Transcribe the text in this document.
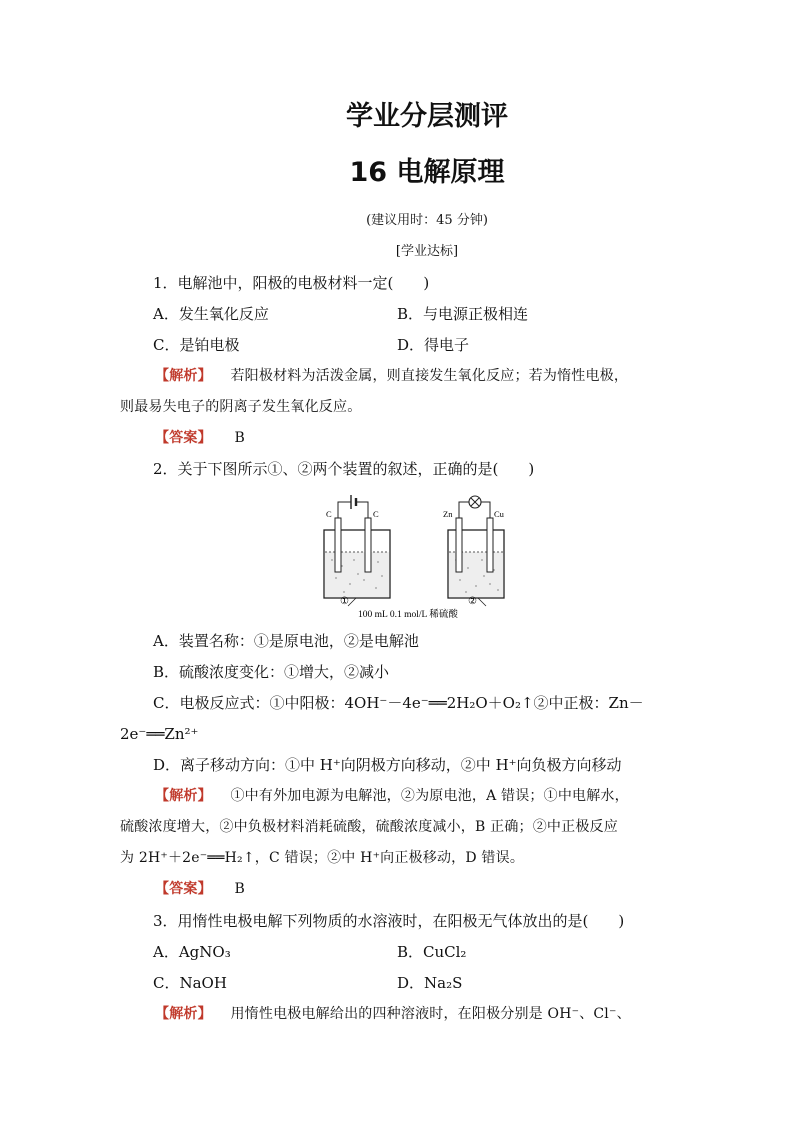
学业分层测评
16 电解原理
(建议用时：45 分钟)
[学业达标]
1．电解池中，阳极的电极材料一定(　　)
A．发生氧化反应	B．与电源正极相连
C．是铂电极	D．得电子
【解析】 若阳极材料为活泼金属，则直接发生氧化反应；若为惰性电极，
则最易失电子的阴离子发生氧化反应。
【答案】 B
2．关于下图所示①、②两个装置的叙述，正确的是(　　)
C	C
①
Zn	Cu
②
100 mL 0.1 mol/L 稀硫酸
A．装置名称：①是原电池，②是电解池
B．硫酸浓度变化：①增大，②减小
C．电极反应式：①中阳极：4OH⁻－4e⁻══2H₂O＋O₂↑②中正极：Zn－
2e⁻══Zn²⁺
D．离子移动方向：①中 H⁺向阴极方向移动，②中 H⁺向负极方向移动
【解析】 ①中有外加电源为电解池，②为原电池，A 错误；①中电解水，
硫酸浓度增大，②中负极材料消耗硫酸，硫酸浓度减小，B 正确；②中正极反应
为 2H⁺＋2e⁻══H₂↑，C 错误；②中 H⁺向正极移动，D 错误。
【答案】 B
3．用惰性电极电解下列物质的水溶液时，在阳极无气体放出的是(　　)
A．AgNO₃	B．CuCl₂
C．NaOH	D．Na₂S
【解析】 用惰性电极电解给出的四种溶液时，在阳极分别是 OH⁻、Cl⁻、
